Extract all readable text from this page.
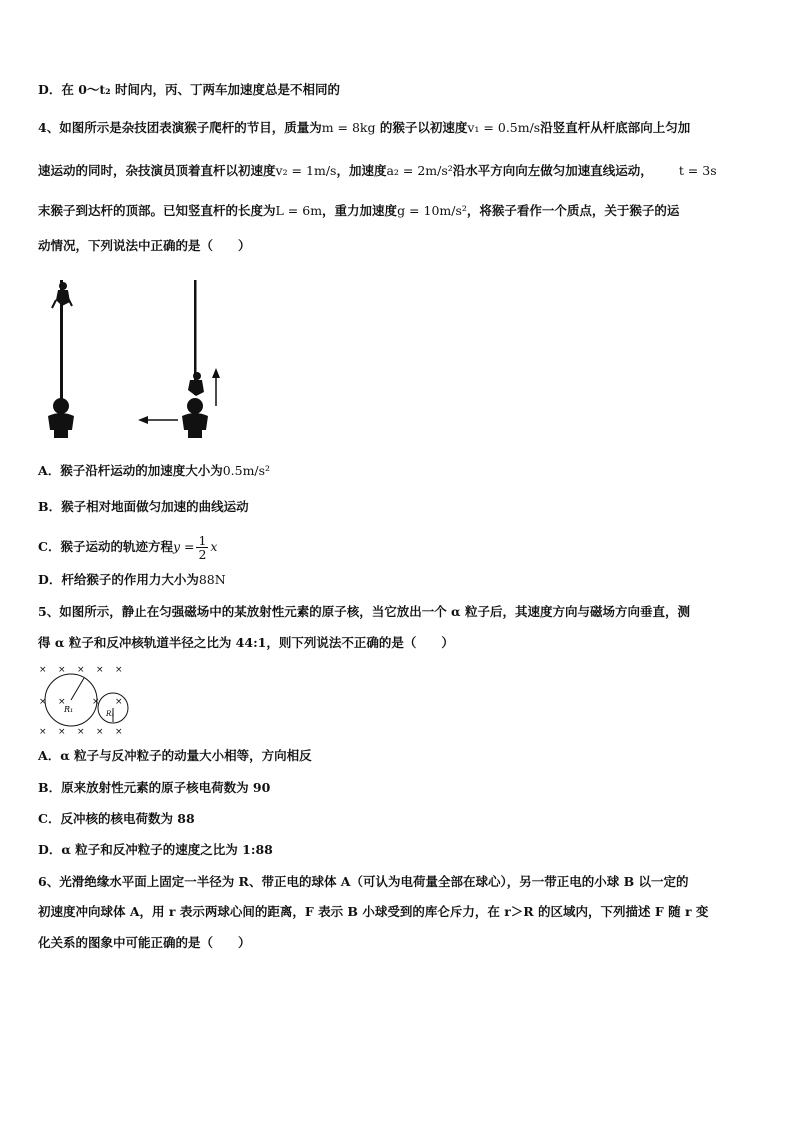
D．在 0～t₂ 时间内，丙、丁两车加速度总是不相同的
4、如图所示是杂技团表演猴子爬杆的节目，质量为m = 8kg 的猴子以初速度v₁ = 0.5m/s沿竖直杆从杆底部向上匀加
速运动的同时，杂技演员顶着直杆以初速度v₂ = 1m/s，加速度a₂ = 2m/s²沿水平方向向左做匀加速直线运动， t = 3s
末猴子到达杆的顶部。已知竖直杆的长度为L = 6m，重力加速度g = 10m/s²，将猴子看作一个质点，关于猴子的运
动情况，下列说法中正确的是（　　）
A．猴子沿杆运动的加速度大小为0.5m/s²
B．猴子相对地面做匀加速的曲线运动
C．猴子运动的轨迹方程$y = \frac{1}{2}$ x
D．杆给猴子的作用力大小为88N
5、如图所示，静止在匀强磁场中的某放射性元素的原子核，当它放出一个 α 粒子后，其速度方向与磁场方向垂直，测
得 α 粒子和反冲核轨道半径之比为 44:1，则下列说法不正确的是（　　）
× × × × ×
× ×	× ×
× × × × ×
R₁	R₂
A．α 粒子与反冲粒子的动量大小相等，方向相反
B．原来放射性元素的原子核电荷数为 90
C．反冲核的核电荷数为 88
D．α 粒子和反冲粒子的速度之比为 1:88
6、光滑绝缘水平面上固定一半径为 R、带正电的球体 A（可认为电荷量全部在球心），另一带正电的小球 B 以一定的
初速度冲向球体 A，用 r 表示两球心间的距离，F 表示 B 小球受到的库仑斥力，在 r＞R 的区域内，下列描述 F 随 r 变
化关系的图象中可能正确的是（　　）
